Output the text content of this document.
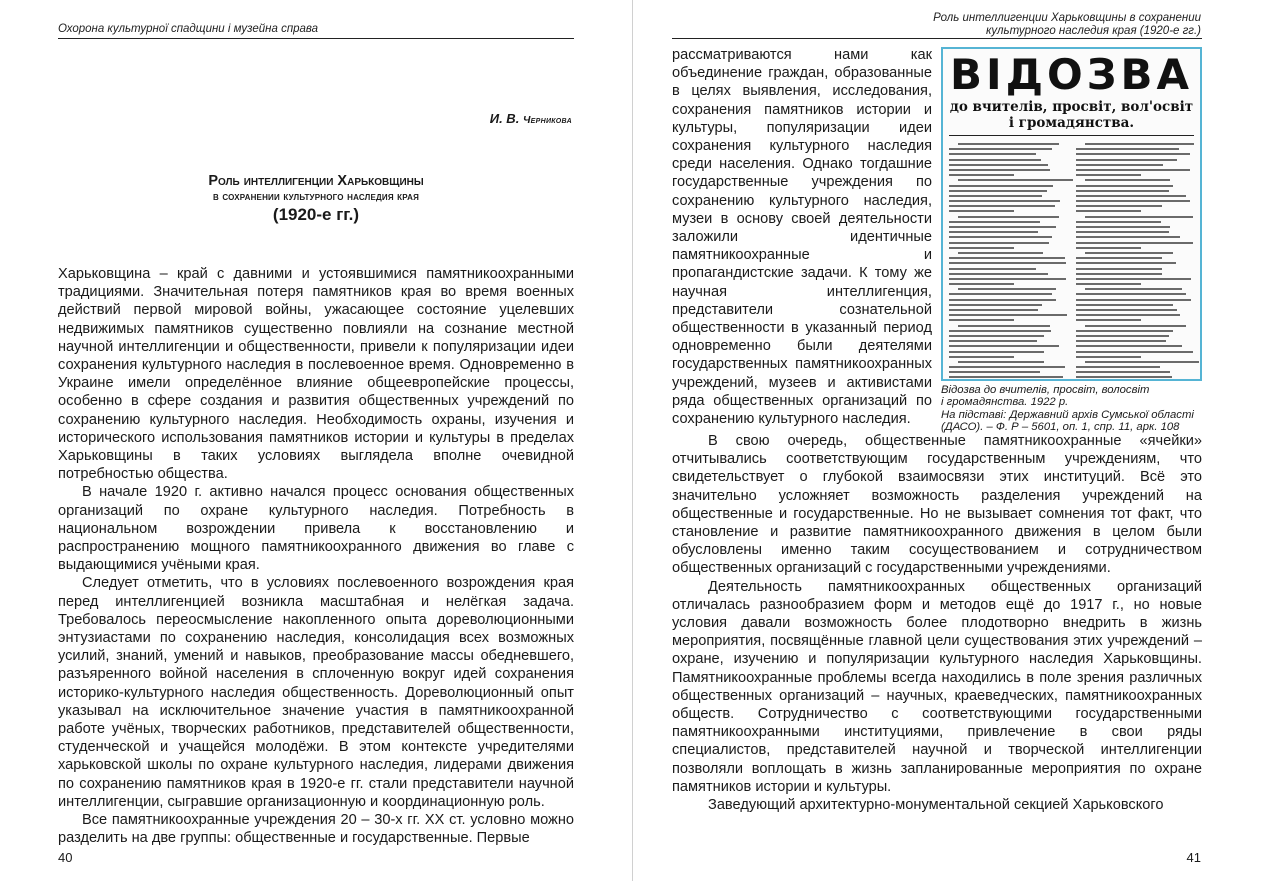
Охорона культурної спадщини і музейна справа
И. В. Черникова
Роль интеллигенции Харьковщины
в сохранении культурного наследия края
(1920-е гг.)

Харьковщина – край с давними и устоявшимися памятникоохранными традициями. Значительная потеря памятников края во время военных действий первой мировой войны, ужасающее состояние уцелевших недвижимых памятников существенно повлияли на сознание местной научной интеллигенции и общественности, привели к популяризации идеи сохранения культурного наследия в послевоенное время. Одновременно в Украине имели определённое влияние общеевропейские процессы, особенно в сфере создания и развития общественных учреждений по сохранению культурного наследия. Необходимость охраны, изучения и исторического использования памятников истории и культуры в пределах Харьковщины в таких условиях выглядела вполне очевидной потребностью общества.

В начале 1920 г. активно начался процесс основания общественных организаций по охране культурного наследия. Потребность в национальном возрождении привела к восстановлению и распространению мощного памятникоохранного движения во главе с выдающимися учёными края.

Следует отметить, что в условиях послевоенного возрождения края перед интеллигенцией возникла масштабная и нелёгкая задача. Требовалось переосмысление накопленного опыта дореволюционными энтузиастами по сохранению наследия, консолидация всех возможных усилий, знаний, умений и навыков, преобразование массы обедневшего, разъяренного войной населения в сплоченную вокруг идей сохранения историко-культурного наследия общественность. Дореволюционный опыт указывал на исключительное значение участия в памятникоохранной работе учёных, творческих работников, представителей общественности, студенческой и учащейся молодёжи. В этом контексте учредителями харьковской школы по охране культурного наследия, лидерами движения по сохранению памятников края в 1920-е гг. стали представители научной интеллигенции, сыгравшие организационную и координационную роль.

Все памятникоохранные учреждения 20 – 30-х гг. ХХ ст. условно можно разделить на две группы: общественные и государственные. Первые

40
Роль интеллигенции Харьковщины в сохранении
культурного наследия края (1920-е гг.)
рассматриваются нами как объединение граждан, образованные в целях выявления, исследования, сохранения памятников истории и культуры, популяризации идеи сохранения культурного наследия среди населения. Однако тогдашние государственные учреждения по сохранению культурного наследия, музеи в основу своей деятельности заложили идентичные памятникоохранные и пропагандистские задачи. К тому же научная интеллигенция, представители сознательной общественности в указанный период одновременно были деятелями государственных памятникоохранных учреждений, музеев и активистами ряда общественных организаций по сохранению культурного наследия.
ВІДОЗВА
до вчителів, просвіт, вол'освіт і громадянства.
Відозва до вчителів, просвіт, волосвіт
і громадянства. 1922 р.
На підставі: Державний архів Сумської області
(ДАСО). – Ф. Р – 5601, оп. 1, спр. 11, арк. 108

В свою очередь, общественные памятникоохранные «ячейки» отчитывались соответствующим государственным учреждениям, что свидетельствует о глубокой взаимосвязи этих институций. Всё это значительно усложняет возможность разделения учреждений на общественные и государственные. Но не вызывает сомнения тот факт, что становление и развитие памятникоохранного движения в целом были обусловлены именно таким сосуществованием и сотрудничеством общественных организаций с государственными учреждениями.

Деятельность памятникоохранных общественных организаций отличалась разнообразием форм и методов ещё до 1917 г., но новые условия давали возможность более плодотворно внедрить в жизнь мероприятия, посвящённые главной цели существования этих учреждений – охране, изучению и популяризации культурного наследия Харьковщины. Памятникоохранные проблемы всегда находились в поле зрения различных общественных организаций – научных, краеведческих, памятникоохранных обществ. Сотрудничество с соответствующими государственными памятникоохранными институциями, привлечение в свои ряды специалистов, представителей научной и творческой интеллигенции позволяли воплощать в жизнь запланированные мероприятия по охране памятников истории и культуры.

Заведующий архитектурно-монументальной секцией Харьковского

41
